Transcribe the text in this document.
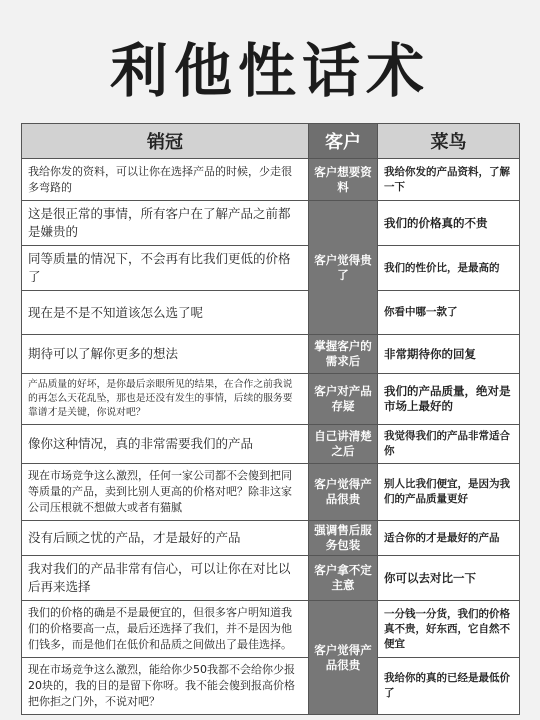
利他性话术
销冠	客户	菜鸟
我给你发的资料，可以让你在选择产品的时候，少走很多弯路的	客户想要资料	我给你发的产品资料，了解一下
这是很正常的事情，所有客户在了解产品之前都是嫌贵的	客户觉得贵了	我们的价格真的不贵
同等质量的情况下，不会再有比我们更低的价格了		我们的性价比，是最高的
现在是不是不知道该怎么选了呢		你看中哪一款了
期待可以了解你更多的想法	掌握客户的需求后	非常期待你的回复
产品质量的好坏，是你最后亲眼所见的结果，在合作之前我说的再怎么天花乱坠，那也是还没有发生的事情，后续的服务要靠谱才是关键，你说对吧？	客户对产品存疑	我们的产品质量，绝对是市场上最好的
像你这种情况，真的非常需要我们的产品	自己讲清楚之后	我觉得我们的产品非常适合你
现在市场竞争这么激烈，任何一家公司都不会傻到把同等质量的产品，卖到比别人更高的价格对吧？除非这家公司压根就不想做大或者有猫腻	客户觉得产品很贵	别人比我们便宜，是因为我们的产品质量更好
没有后顾之忧的产品，才是最好的产品	强调售后服务包装	适合你的才是最好的产品
我对我们的产品非常有信心，可以让你在对比以后再来选择	客户拿不定主意	你可以去对比一下
我们的价格的确是不是最便宜的，但很多客户明知道我们的价格要高一点，最后还选择了我们，并不是因为他们钱多，而是他们在低价和品质之间做出了最佳选择。	客户觉得产品很贵	一分钱一分货，我们的价格真不贵，好东西，它自然不便宜
现在市场竞争这么激烈，能给你少50我都不会给你少报20块的，我的目的是留下你呀。我不能会傻到报高价格把你拒之门外，不说对吧？		我给你的真的已经是最低价了
